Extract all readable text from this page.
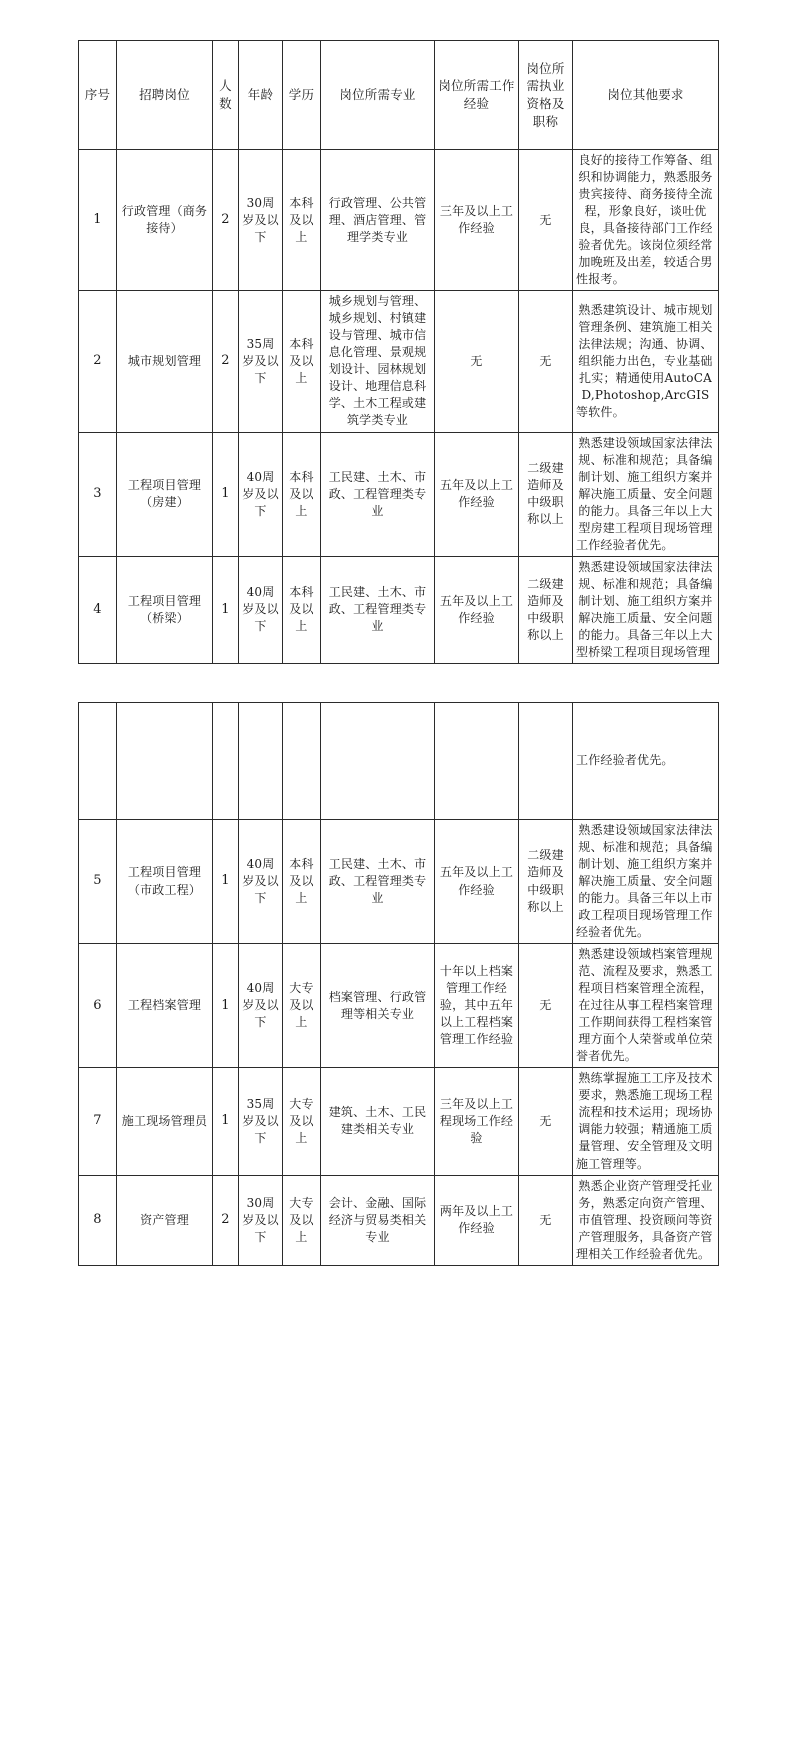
序号	招聘岗位	人数	年龄	学历	岗位所需专业	岗位所需工作经验	岗位所需执业资格及职称	岗位其他要求
1	行政管理（商务接待）	2	30周岁及以下	本科及以上	行政管理、公共管理、酒店管理、管理学类专业	三年及以上工作经验	无	良好的接待工作筹备、组织和协调能力，熟悉服务贵宾接待、商务接待全流程，形象良好，谈吐优良，具备接待部门工作经验者优先。该岗位须经常加晚班及出差，较适合男性报考。
2	城市规划管理	2	35周岁及以下	本科及以上	城乡规划与管理、城乡规划、村镇建设与管理、城市信息化管理、景观规划设计、园林规划设计、地理信息科学、土木工程或建筑学类专业	无	无	熟悉建筑设计、城市规划管理条例、建筑施工相关法律法规；沟通、协调、组织能力出色，专业基础扎实；精通使用AutoCAD,Photoshop,ArcGIS等软件。
3	工程项目管理（房建）	1	40周岁及以下	本科及以上	工民建、土木、市政、工程管理类专业	五年及以上工作经验	二级建造师及中级职称以上	熟悉建设领域国家法律法规、标准和规范；具备编制计划、施工组织方案并解决施工质量、安全问题的能力。具备三年以上大型房建工程项目现场管理工作经验者优先。
4	工程项目管理（桥梁）	1	40周岁及以下	本科及以上	工民建、土木、市政、工程管理类专业	五年及以上工作经验	二级建造师及中级职称以上	熟悉建设领域国家法律法规、标准和规范；具备编制计划、施工组织方案并解决施工质量、安全问题的能力。具备三年以上大型桥梁工程项目现场管理
								工作经验者优先。
5	工程项目管理（市政工程）	1	40周岁及以下	本科及以上	工民建、土木、市政、工程管理类专业	五年及以上工作经验	二级建造师及中级职称以上	熟悉建设领域国家法律法规、标准和规范；具备编制计划、施工组织方案并解决施工质量、安全问题的能力。具备三年以上市政工程项目现场管理工作经验者优先。
6	工程档案管理	1	40周岁及以下	大专及以上	档案管理、行政管理等相关专业	十年以上档案管理工作经验，其中五年以上工程档案管理工作经验	无	熟悉建设领域档案管理规范、流程及要求，熟悉工程项目档案管理全流程，在过往从事工程档案管理工作期间获得工程档案管理方面个人荣誉或单位荣誉者优先。
7	施工现场管理员	1	35周岁及以下	大专及以上	建筑、土木、工民建类相关专业	三年及以上工程现场工作经验	无	熟练掌握施工工序及技术要求，熟悉施工现场工程流程和技术运用；现场协调能力较强；精通施工质量管理、安全管理及文明施工管理等。
8	资产管理	2	30周岁及以下	大专及以上	会计、金融、国际经济与贸易类相关专业	两年及以上工作经验	无	熟悉企业资产管理受托业务，熟悉定向资产管理、市值管理、投资顾问等资产管理服务，具备资产管理相关工作经验者优先。
